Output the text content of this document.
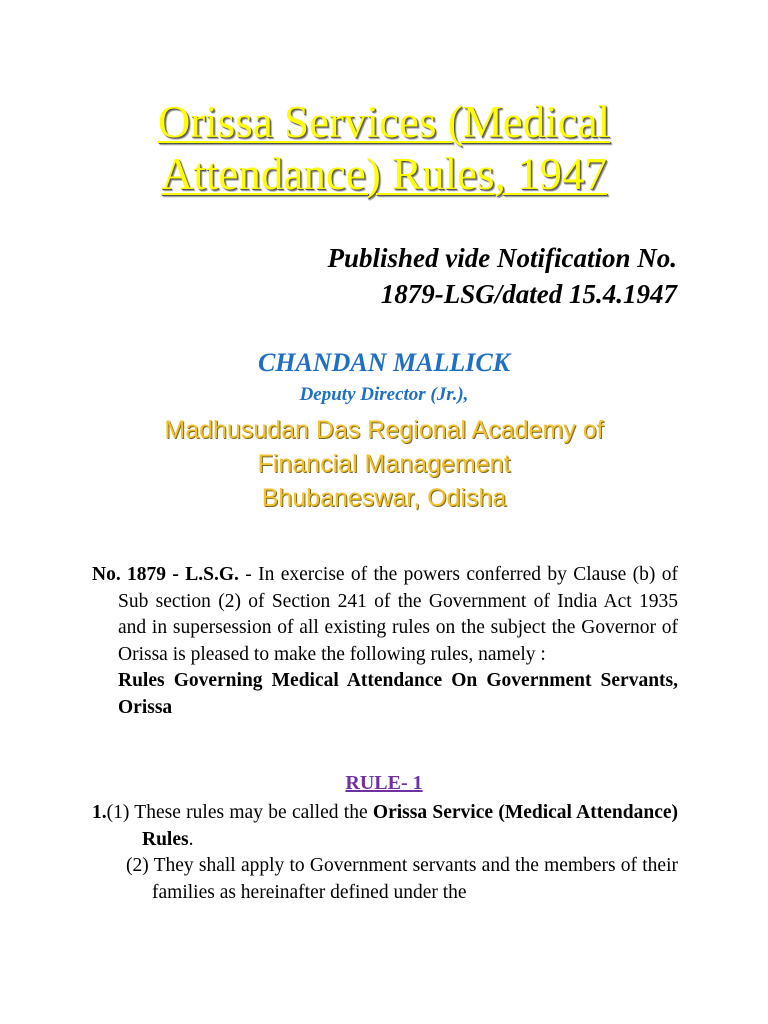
Orissa Services (Medical
Attendance) Rules, 1947
Published vide Notification No.
1879-LSG/dated 15.4.1947
CHANDAN MALLICK
Deputy Director (Jr.),
Madhusudan Das Regional Academy of
Financial Management
Bhubaneswar, Odisha

No. 1879 - L.S.G. - In exercise of the powers conferred by Clause (b) of Sub section (2) of Section 241 of the Government of India Act 1935 and in supersession of all existing rules on the subject the Governor of Orissa is pleased to make the following rules, namely :

Rules Governing Medical Attendance On Government Servants, Orissa
RULE- 1

1.(1) These rules may be called the Orissa Service (Medical Attendance) Rules.

(2) They shall apply to Government servants and the members of their families as hereinafter defined under the
